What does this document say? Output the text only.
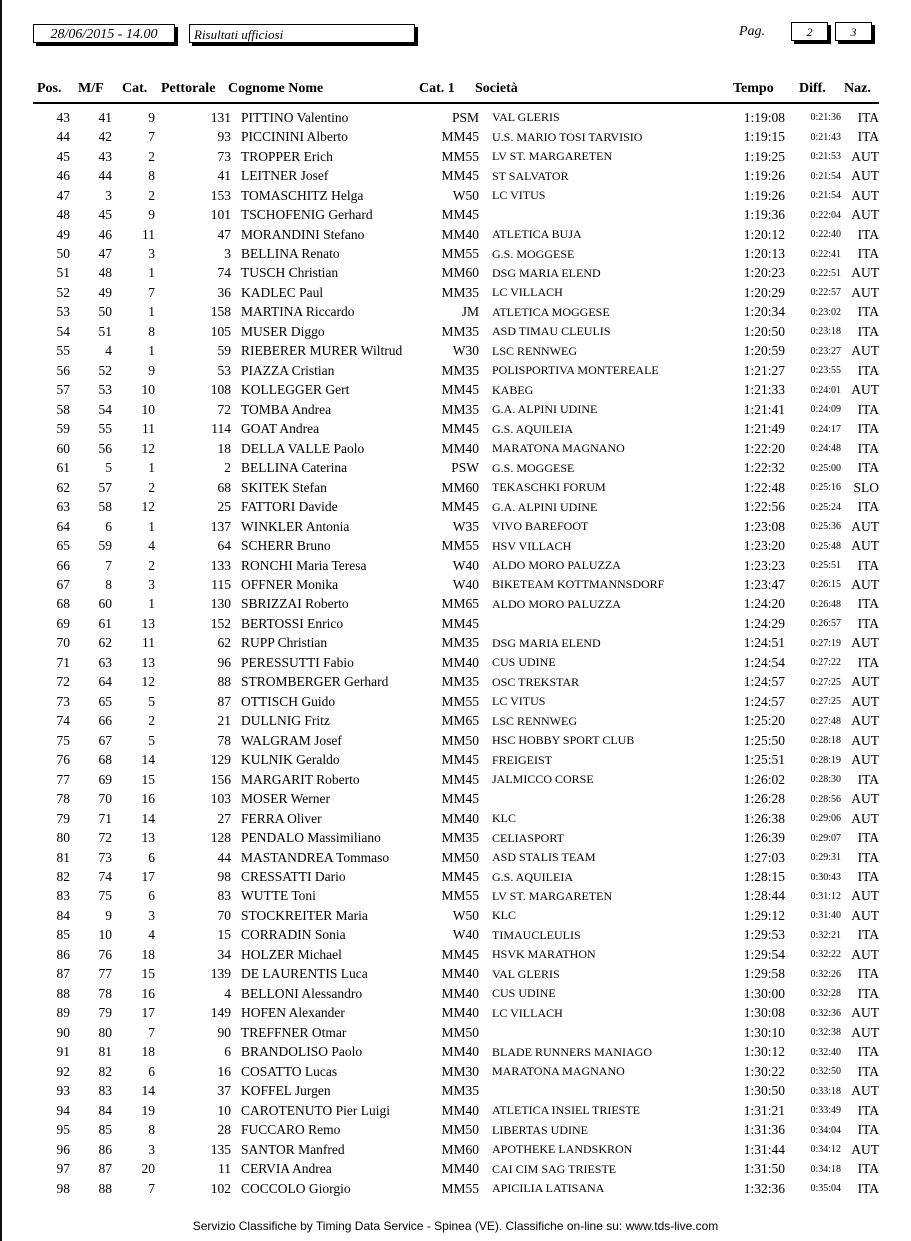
28/06/2015 - 14.00	Risultati ufficiosi	Pag.	2	3
Pos. M/F Cat. Pettorale Cognome Nome	Cat. 1 Società	Tempo Diff. Naz.
43	41	9	131		PITTINO Valentino	PSM		VAL GLERIS	1:19:08	0:21:36	ITA
44	42	7	93		PICCININI Alberto	MM45		U.S. MARIO TOSI TARVISIO	1:19:15	0:21:43	ITA
45	43	2	73		TROPPER Erich	MM55		LV ST. MARGARETEN	1:19:25	0:21:53	AUT
46	44	8	41		LEITNER Josef	MM45		ST SALVATOR	1:19:26	0:21:54	AUT
47	3	2	153		TOMASCHITZ Helga	W50		LC VITUS	1:19:26	0:21:54	AUT
48	45	9	101		TSCHOFENIG Gerhard	MM45			1:19:36	0:22:04	AUT
49	46	11	47		MORANDINI Stefano	MM40		ATLETICA BUJA	1:20:12	0:22:40	ITA
50	47	3	3		BELLINA Renato	MM55		G.S. MOGGESE	1:20:13	0:22:41	ITA
51	48	1	74		TUSCH Christian	MM60		DSG MARIA ELEND	1:20:23	0:22:51	AUT
52	49	7	36		KADLEC Paul	MM35		LC VILLACH	1:20:29	0:22:57	AUT
53	50	1	158		MARTINA Riccardo	JM		ATLETICA MOGGESE	1:20:34	0:23:02	ITA
54	51	8	105		MUSER Diggo	MM35		ASD TIMAU CLEULIS	1:20:50	0:23:18	ITA
55	4	1	59		RIEBERER MURER Wiltrud	W30		LSC RENNWEG	1:20:59	0:23:27	AUT
56	52	9	53		PIAZZA Cristian	MM35		POLISPORTIVA MONTEREALE	1:21:27	0:23:55	ITA
57	53	10	108		KOLLEGGER Gert	MM45		KABEG	1:21:33	0:24:01	AUT
58	54	10	72		TOMBA Andrea	MM35		G.A. ALPINI UDINE	1:21:41	0:24:09	ITA
59	55	11	114		GOAT Andrea	MM45		G.S. AQUILEIA	1:21:49	0:24:17	ITA
60	56	12	18		DELLA VALLE Paolo	MM40		MARATONA MAGNANO	1:22:20	0:24:48	ITA
61	5	1	2		BELLINA Caterina	PSW		G.S. MOGGESE	1:22:32	0:25:00	ITA
62	57	2	68		SKITEK Stefan	MM60		TEKASCHKI FORUM	1:22:48	0:25:16	SLO
63	58	12	25		FATTORI Davide	MM45		G.A. ALPINI UDINE	1:22:56	0:25:24	ITA
64	6	1	137		WINKLER Antonia	W35		VIVO BAREFOOT	1:23:08	0:25:36	AUT
65	59	4	64		SCHERR Bruno	MM55		HSV VILLACH	1:23:20	0:25:48	AUT
66	7	2	133		RONCHI Maria Teresa	W40		ALDO MORO PALUZZA	1:23:23	0:25:51	ITA
67	8	3	115		OFFNER Monika	W40		BIKETEAM KOTTMANNSDORF	1:23:47	0:26:15	AUT
68	60	1	130		SBRIZZAI Roberto	MM65		ALDO MORO PALUZZA	1:24:20	0:26:48	ITA
69	61	13	152		BERTOSSI Enrico	MM45			1:24:29	0:26:57	ITA
70	62	11	62		RUPP Christian	MM35		DSG MARIA ELEND	1:24:51	0:27:19	AUT
71	63	13	96		PERESSUTTI Fabio	MM40		CUS UDINE	1:24:54	0:27:22	ITA
72	64	12	88		STROMBERGER Gerhard	MM35		OSC TREKSTAR	1:24:57	0:27:25	AUT
73	65	5	87		OTTISCH Guido	MM55		LC VITUS	1:24:57	0:27:25	AUT
74	66	2	21		DULLNIG Fritz	MM65		LSC RENNWEG	1:25:20	0:27:48	AUT
75	67	5	78		WALGRAM Josef	MM50		HSC HOBBY SPORT CLUB	1:25:50	0:28:18	AUT
76	68	14	129		KULNIK Geraldo	MM45		FREIGEIST	1:25:51	0:28:19	AUT
77	69	15	156		MARGARIT Roberto	MM45		JALMICCO CORSE	1:26:02	0:28:30	ITA
78	70	16	103		MOSER Werner	MM45			1:26:28	0:28:56	AUT
79	71	14	27		FERRA Oliver	MM40		KLC	1:26:38	0:29:06	AUT
80	72	13	128		PENDALO Massimiliano	MM35		CELIASPORT	1:26:39	0:29:07	ITA
81	73	6	44		MASTANDREA Tommaso	MM50		ASD STALIS TEAM	1:27:03	0:29:31	ITA
82	74	17	98		CRESSATTI Dario	MM45		G.S. AQUILEIA	1:28:15	0:30:43	ITA
83	75	6	83		WUTTE Toni	MM55		LV ST. MARGARETEN	1:28:44	0:31:12	AUT
84	9	3	70		STOCKREITER Maria	W50		KLC	1:29:12	0:31:40	AUT
85	10	4	15		CORRADIN Sonia	W40		TIMAUCLEULIS	1:29:53	0:32:21	ITA
86	76	18	34		HOLZER Michael	MM45		HSVK MARATHON	1:29:54	0:32:22	AUT
87	77	15	139		DE LAURENTIS Luca	MM40		VAL GLERIS	1:29:58	0:32:26	ITA
88	78	16	4		BELLONI Alessandro	MM40		CUS UDINE	1:30:00	0:32:28	ITA
89	79	17	149		HOFEN Alexander	MM40		LC VILLACH	1:30:08	0:32:36	AUT
90	80	7	90		TREFFNER Otmar	MM50			1:30:10	0:32:38	AUT
91	81	18	6		BRANDOLISO Paolo	MM40		BLADE RUNNERS MANIAGO	1:30:12	0:32:40	ITA
92	82	6	16		COSATTO Lucas	MM30		MARATONA MAGNANO	1:30:22	0:32:50	ITA
93	83	14	37		KOFFEL Jurgen	MM35			1:30:50	0:33:18	AUT
94	84	19	10		CAROTENUTO Pier Luigi	MM40		ATLETICA INSIEL TRIESTE	1:31:21	0:33:49	ITA
95	85	8	28		FUCCARO Remo	MM50		LIBERTAS UDINE	1:31:36	0:34:04	ITA
96	86	3	135		SANTOR Manfred	MM60		APOTHEKE LANDSKRON	1:31:44	0:34:12	AUT
97	87	20	11		CERVIA Andrea	MM40		CAI CIM SAG TRIESTE	1:31:50	0:34:18	ITA
98	88	7	102		COCCOLO Giorgio	MM55		APICILIA LATISANA	1:32:36	0:35:04	ITA
Servizio Classifiche by Timing Data Service - Spinea (VE). Classifiche on-line su: www.tds-live.com
